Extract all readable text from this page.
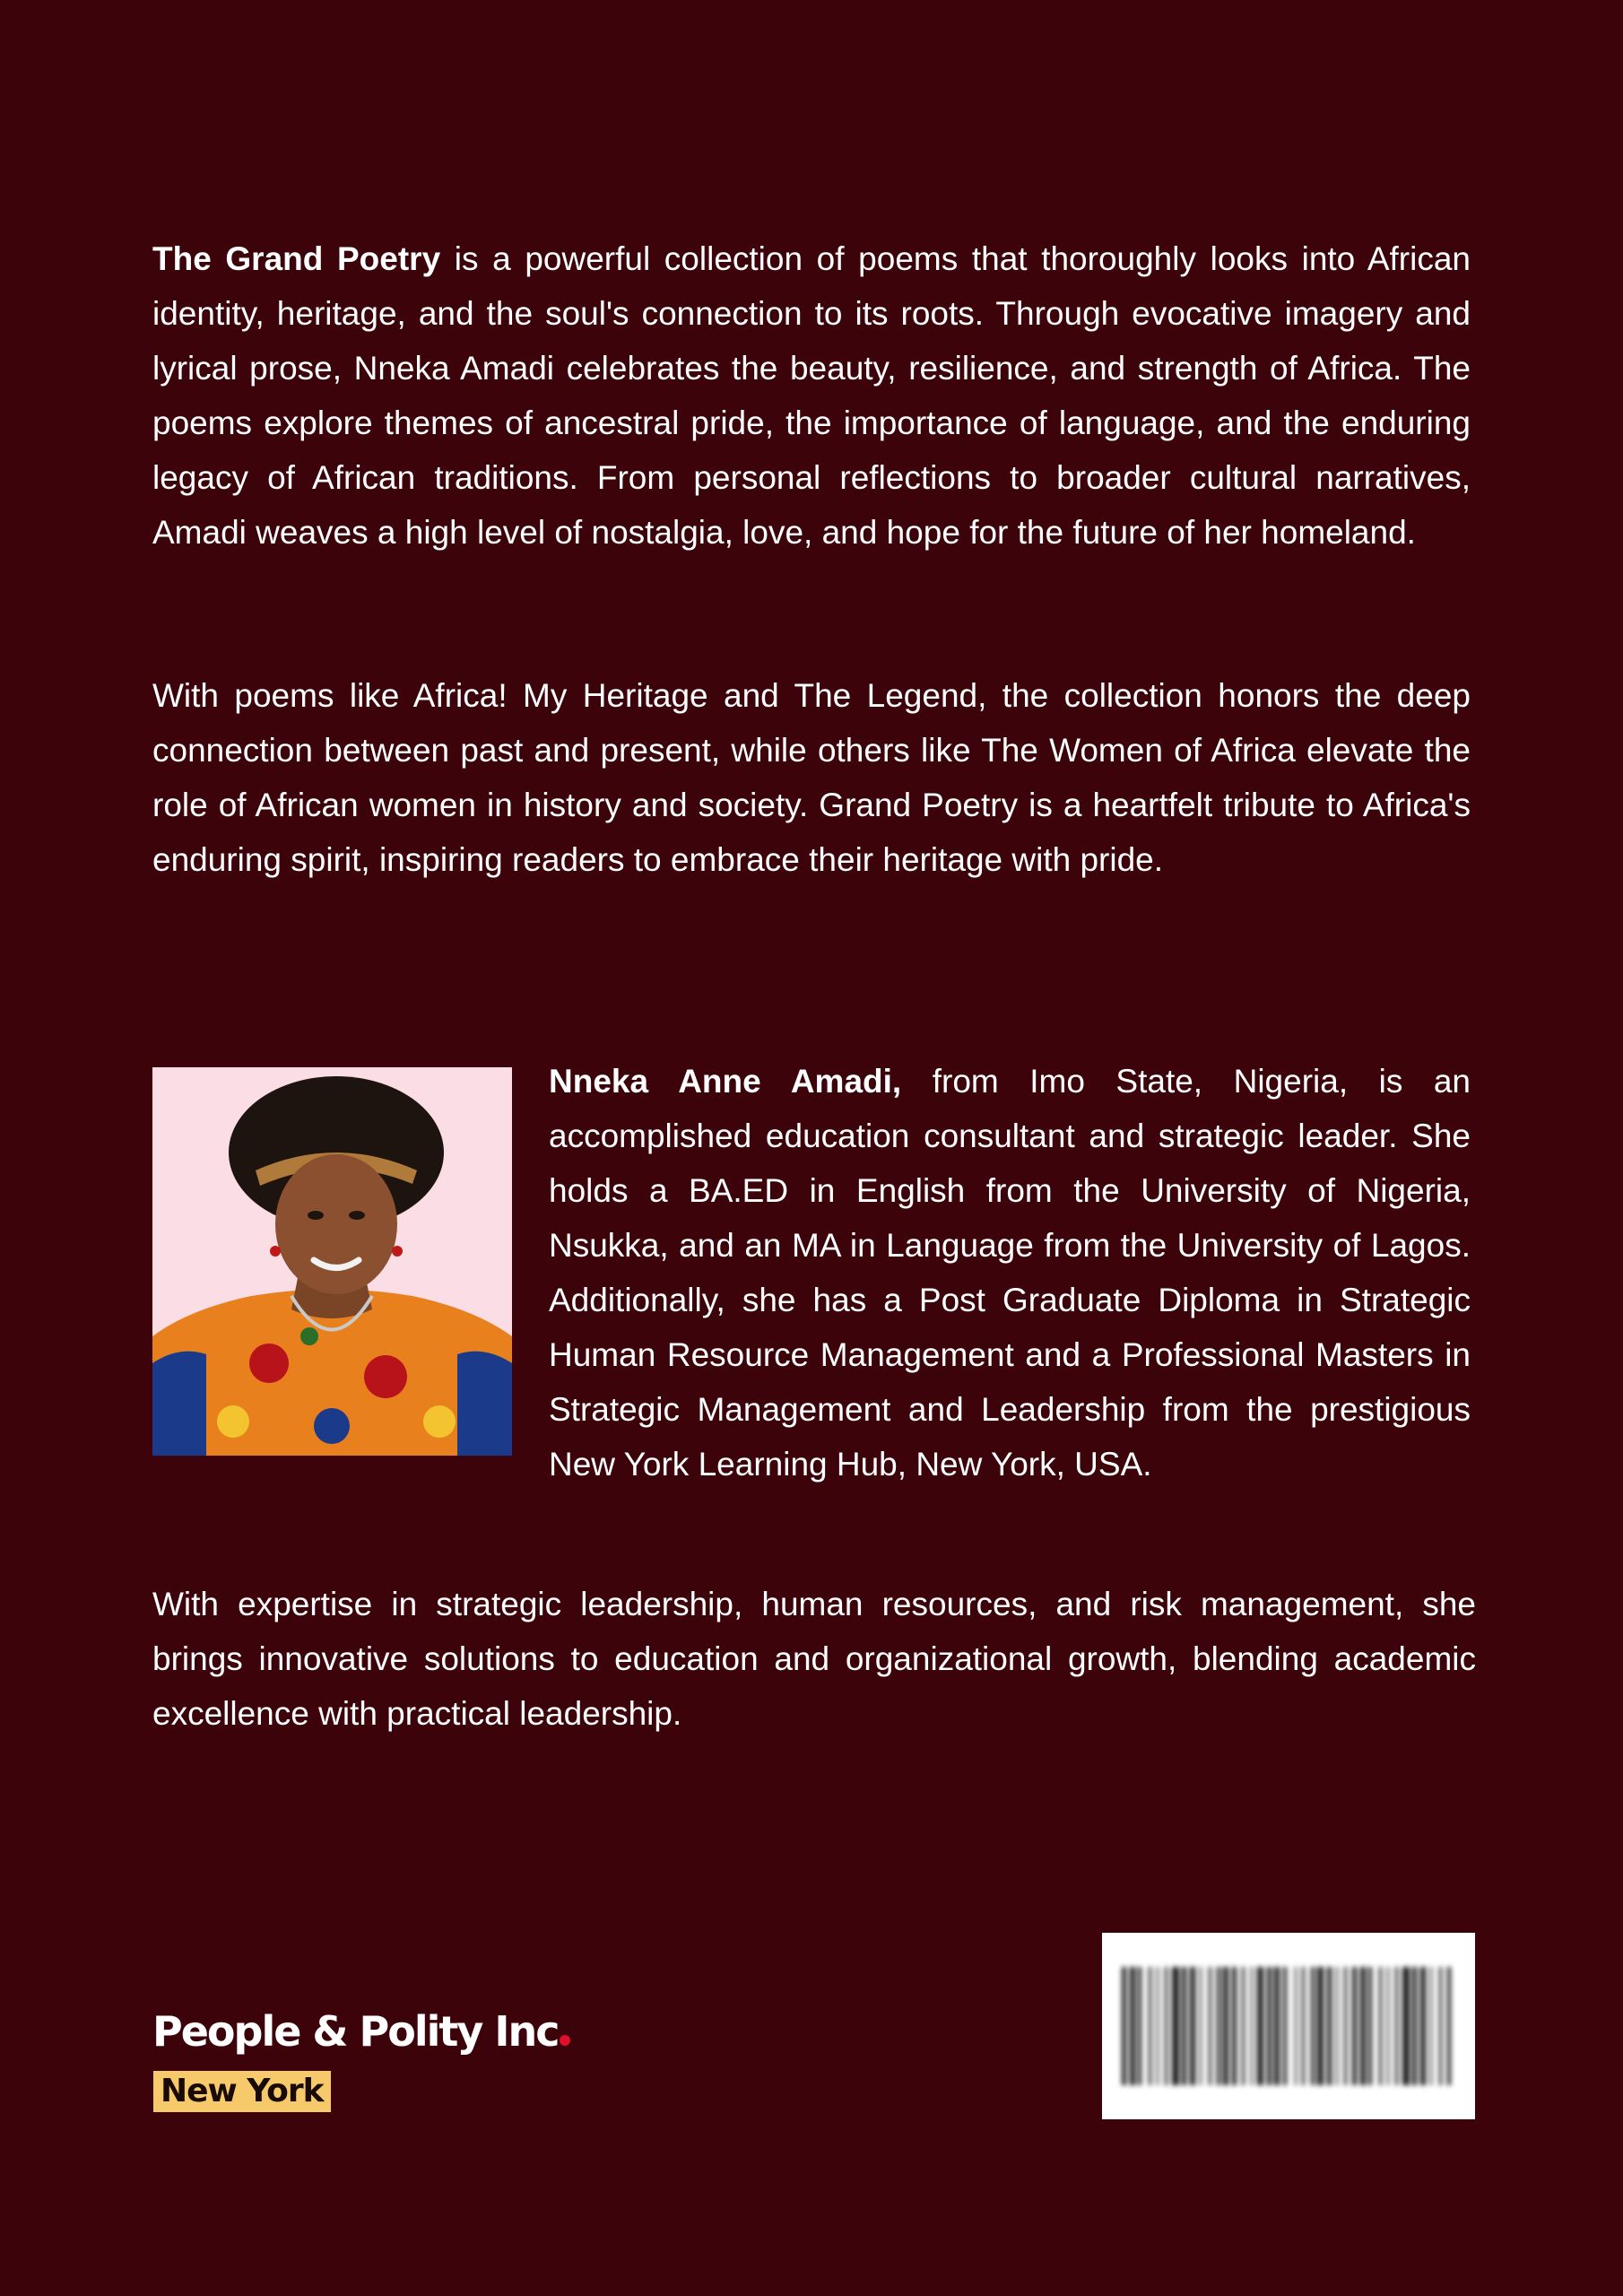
The Grand Poetry is a powerful collection of poems that thoroughly looks into African identity, heritage, and the soul's connection to its roots. Through evocative imagery and lyrical prose, Nneka Amadi celebrates the beauty, resilience, and strength of Africa. The poems explore themes of ancestral pride, the importance of language, and the enduring legacy of African traditions. From personal reflections to broader cultural narratives, Amadi weaves a high level of nostalgia, love, and hope for the future of her homeland.

With poems like Africa! My Heritage and The Legend, the collection honors the deep connection between past and present, while others like The Women of Africa elevate the role of African women in history and society. Grand Poetry is a heartfelt tribute to Africa's enduring spirit, inspiring readers to embrace their heritage with pride.

Nneka Anne Amadi, from Imo State, Nigeria, is an accomplished education consultant and strategic leader. She holds a BA.ED in English from the University of Nigeria, Nsukka, and an MA in Language from the University of Lagos. Additionally, she has a Post Graduate Diploma in Strategic Human Resource Management and a Professional Masters in Strategic Management and Leadership from the prestigious New York Learning Hub, New York, USA.

With expertise in strategic leadership, human resources, and risk management, she brings innovative solutions to education and organizational growth, blending academic excellence with practical leadership.

People & Polity Inc
New York
